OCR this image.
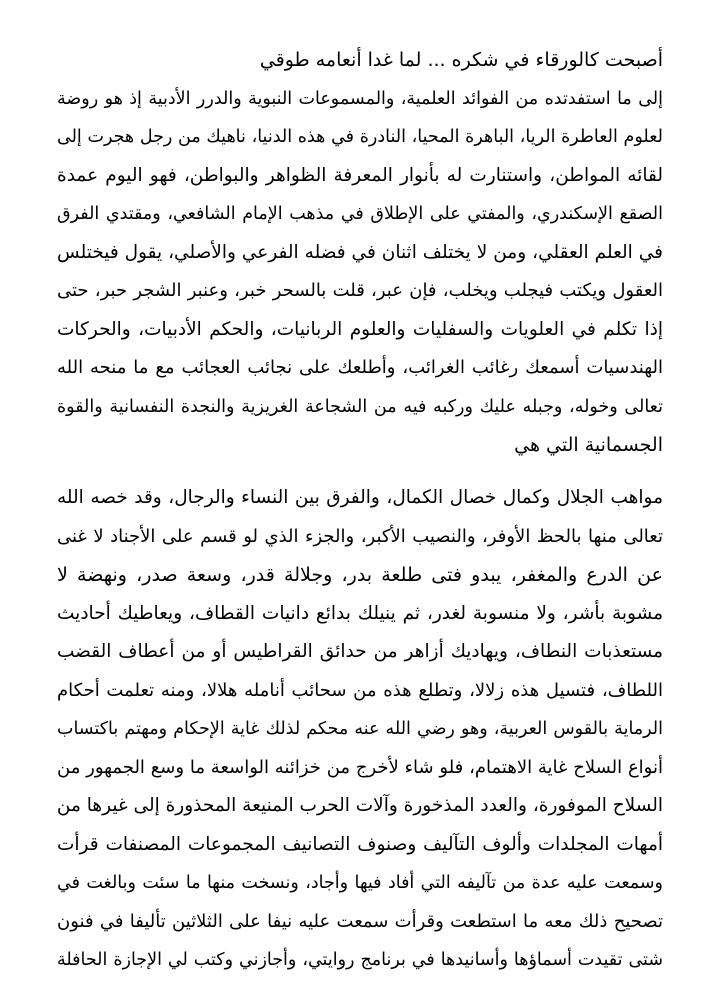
أصبحت كالورقاء في شكره ... لما غدا أنعامه طوقي
إلى ما استفدتده من الفوائد العلمية، والمسموعات النبوية والدرر الأدبية إذ هو روضة
لعلوم العاطرة الريا، الباهرة المحيا، النادرة في هذه الدنيا، ناهيك من رجل هجرت إلى
لقائه المواطن، واستنارت له بأنوار المعرفة الظواهر والبواطن، فهو اليوم عمدة
الصقع الإسكندري، والمفتي على الإطلاق في مذهب الإمام الشافعي، ومقتدي الفرق
في العلم العقلي، ومن لا يختلف اثنان في فضله الفرعي والأصلي، يقول فيختلس
العقول ويكتب فيجلب ويخلب، فإن عبر، قلت بالسحر خبر، وعنبر الشجر حبر، حتى
إذا تكلم في العلويات والسفليات والعلوم الربانيات، والحكم الأدبيات، والحركات
الهندسيات أسمعك رغائب الغرائب، وأطلعك على نجائب العجائب مع ما منحه الله
تعالى وخوله، وجبله عليك وركبه فيه من الشجاعة الغريزية والنجدة النفسانية والقوة
الجسمانية التي هي
مواهب الجلال وكمال خصال الكمال، والفرق بين النساء والرجال، وقد خصه الله
تعالى منها بالحظ الأوفر، والنصيب الأكبر، والجزء الذي لو قسم على الأجناد لا غنى
عن الدرع والمغفر، يبدو فتى طلعة بدر، وجلالة قدر، وسعة صدر، ونهضة لا
مشوبة بأشر، ولا منسوبة لغدر، ثم ينيلك بدائع دانيات القطاف، ويعاطيك أحاديث
مستعذبات النطاف، ويهاديك أزاهر من حدائق القراطيس أو من أعطاف القضب
اللطاف، فتسيل هذه زلالا، وتطلع هذه من سحائب أنامله هلالا، ومنه تعلمت أحكام
الرماية بالقوس العربية، وهو رضي الله عنه محكم لذلك غاية الإحكام ومهتم باكتساب
أنواع السلاح غاية الاهتمام، فلو شاء لأخرج من خزائنه الواسعة ما وسع الجمهور من
السلاح الموفورة، والعدد المذخورة وآلات الحرب المنيعة المحذورة إلى غيرها من
أمهات المجلدات وألوف التآليف وصنوف التصانيف المجموعات المصنفات قرأت
وسمعت عليه عدة من تآليفه التي أفاد فيها وأجاد، ونسخت منها ما سئت وبالغت في
تصحيح ذلك معه ما استطعت وقرأت سمعت عليه نيفا على الثلاثين تأليفا في فنون
شتى تقيدت أسماؤها وأسانيدها في برنامج روايتي، وأجازني وكتب لي الإجازة الحافلة
